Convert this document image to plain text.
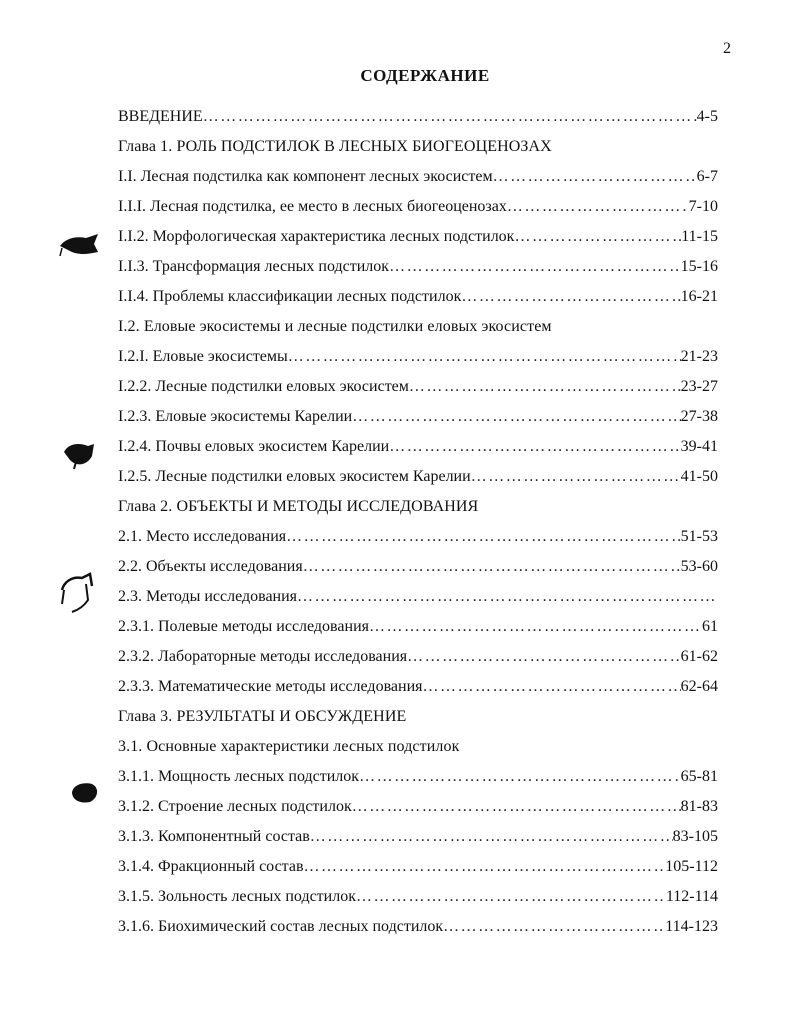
2
СОДЕРЖАНИЕ
ВВЕДЕНИЕ ………………………………………………………………………………………………………………	4-5
Глава 1. РОЛЬ ПОДСТИЛОК В ЛЕСНЫХ БИОГЕОЦЕНОЗАХ
I.I. Лесная подстилка как компонент лесных экосистем ………………………………………………………………………………………………………………	6-7
I.I.I. Лесная подстилка, ее место в лесных биогеоценозах ………………………………………………………………………………………………………………	7-10
I.I.2. Морфологическая характеристика лесных подстилок ………………………………………………………………………………………………………………	11-15
I.I.3. Трансформация лесных подстилок ………………………………………………………………………………………………………………	15-16
I.I.4. Проблемы классификации лесных подстилок ………………………………………………………………………………………………………………	16-21
I.2. Еловые экосистемы и лесные подстилки еловых экосистем
I.2.I. Еловые экосистемы ………………………………………………………………………………………………………………	21-23
I.2.2. Лесные подстилки еловых экосистем ………………………………………………………………………………………………………………	23-27
I.2.3. Еловые экосистемы Карелии ………………………………………………………………………………………………………………	27-38
I.2.4. Почвы еловых экосистем Карелии ………………………………………………………………………………………………………………	39-41
I.2.5. Лесные подстилки еловых экосистем Карелии ………………………………………………………………………………………………………………	41-50
Глава 2. ОБЪЕКТЫ И МЕТОДЫ ИССЛЕДОВАНИЯ
2.1. Место исследования ………………………………………………………………………………………………………………	51-53
2.2. Объекты исследования ………………………………………………………………………………………………………………	53-60
2.3. Методы исследования
………………………………………………………………………………………………………………
2.3.1. Полевые методы исследования ………………………………………………………………………………………………………………	61
2.3.2. Лабораторные методы исследования ………………………………………………………………………………………………………………	61-62
2.3.3. Математические методы исследования ………………………………………………………………………………………………………………	62-64
Глава 3. РЕЗУЛЬТАТЫ И ОБСУЖДЕНИЕ
3.1. Основные характеристики лесных подстилок
3.1.1. Мощность лесных подстилок ………………………………………………………………………………………………………………	65-81
3.1.2. Строение лесных подстилок ………………………………………………………………………………………………………………	81-83
3.1.3. Компонентный состав ………………………………………………………………………………………………………………	83-105
3.1.4. Фракционный состав ………………………………………………………………………………………………………………	105-112
3.1.5. Зольность лесных подстилок ………………………………………………………………………………………………………………	112-114
3.1.6. Биохимический состав лесных подстилок ………………………………………………………………………………………………………………	114-123
